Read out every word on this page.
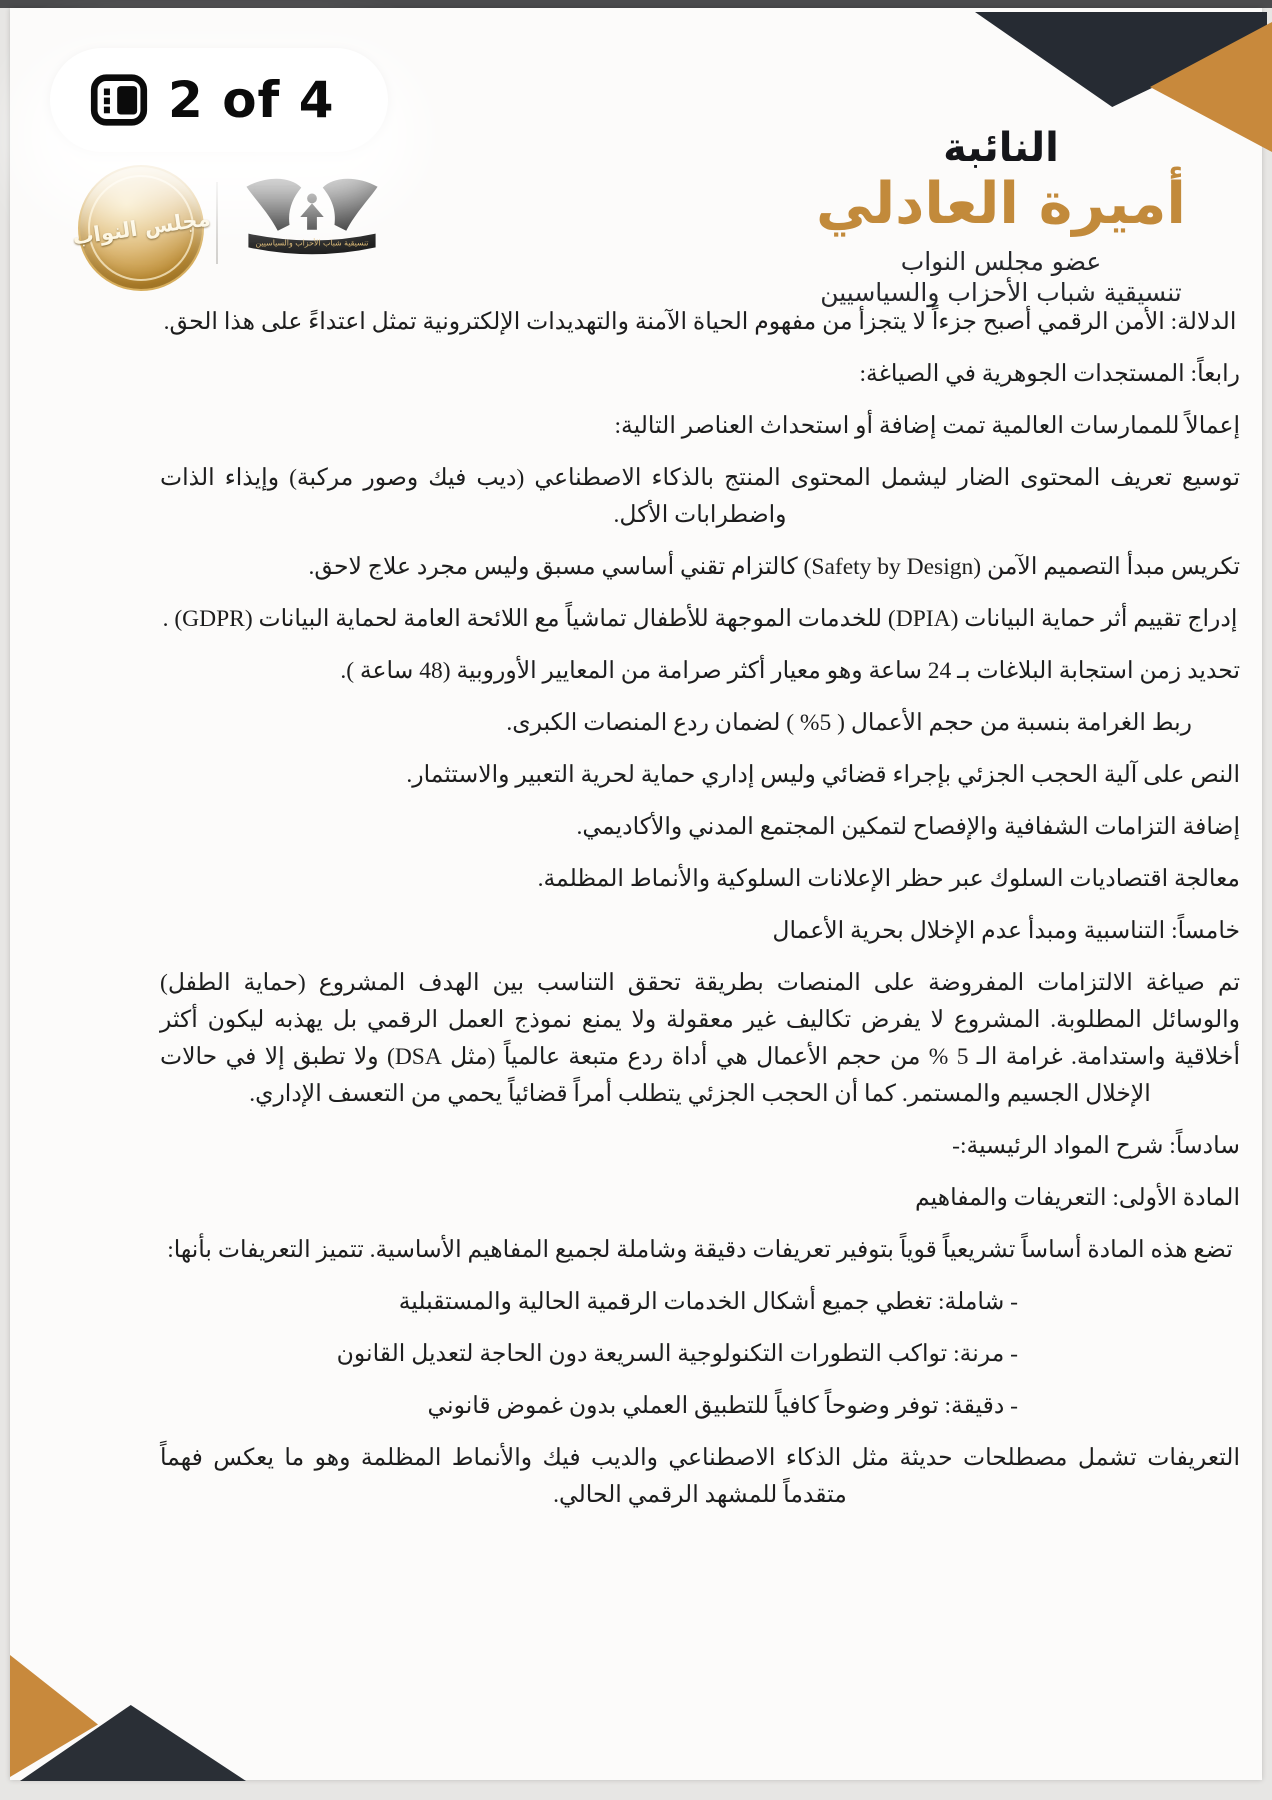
مجلس النواب	تنسيقية شباب الأحزاب والسياسيين
النائبة
أميرة العادلي
عضو مجلس النواب
تنسيقية شباب الأحزاب والسياسيين

الدلالة: الأمن الرقمي أصبح جزءاً لا يتجزأ من مفهوم الحياة الآمنة والتهديدات الإلكترونية تمثل اعتداءً على هذا الحق.

رابعاً: المستجدات الجوهرية في الصياغة:

إعمالاً للممارسات العالمية تمت إضافة أو استحداث العناصر التالية:

توسيع تعريف المحتوى الضار ليشمل المحتوى المنتج بالذكاء الاصطناعي (ديب فيك وصور مركبة) وإيذاء الذات واضطرابات الأكل.

تكريس مبدأ التصميم الآمن (Safety by Design) كالتزام تقني أساسي مسبق وليس مجرد علاج لاحق.

إدراج تقييم أثر حماية البيانات (DPIA) للخدمات الموجهة للأطفال تماشياً مع اللائحة العامة لحماية البيانات (GDPR) .

تحديد زمن استجابة البلاغات بـ 24 ساعة وهو معيار أكثر صرامة من المعايير الأوروبية (48 ساعة ).

ربط الغرامة بنسبة من حجم الأعمال ( 5% ) لضمان ردع المنصات الكبرى.

النص على آلية الحجب الجزئي بإجراء قضائي وليس إداري حماية لحرية التعبير والاستثمار.

إضافة التزامات الشفافية والإفصاح لتمكين المجتمع المدني والأكاديمي.

معالجة اقتصاديات السلوك عبر حظر الإعلانات السلوكية والأنماط المظلمة.

خامساً: التناسبية ومبدأ عدم الإخلال بحرية الأعمال

تم صياغة الالتزامات المفروضة على المنصات بطريقة تحقق التناسب بين الهدف المشروع (حماية الطفل) والوسائل المطلوبة. المشروع لا يفرض تكاليف غير معقولة ولا يمنع نموذج العمل الرقمي بل يهذبه ليكون أكثر أخلاقية واستدامة. غرامة الـ 5 % من حجم الأعمال هي أداة ردع متبعة عالمياً (مثل DSA) ولا تطبق إلا في حالات الإخلال الجسيم والمستمر. كما أن الحجب الجزئي يتطلب أمراً قضائياً يحمي من التعسف الإداري.

سادساً: شرح المواد الرئيسية:-

المادة الأولى: التعريفات والمفاهيم

تضع هذه المادة أساساً تشريعياً قوياً بتوفير تعريفات دقيقة وشاملة لجميع المفاهيم الأساسية. تتميز التعريفات بأنها:

- شاملة: تغطي جميع أشكال الخدمات الرقمية الحالية والمستقبلية

- مرنة: تواكب التطورات التكنولوجية السريعة دون الحاجة لتعديل القانون

- دقيقة: توفر وضوحاً كافياً للتطبيق العملي بدون غموض قانوني

التعريفات تشمل مصطلحات حديثة مثل الذكاء الاصطناعي والديب فيك والأنماط المظلمة وهو ما يعكس فهماً متقدماً للمشهد الرقمي الحالي.

2 of 4
